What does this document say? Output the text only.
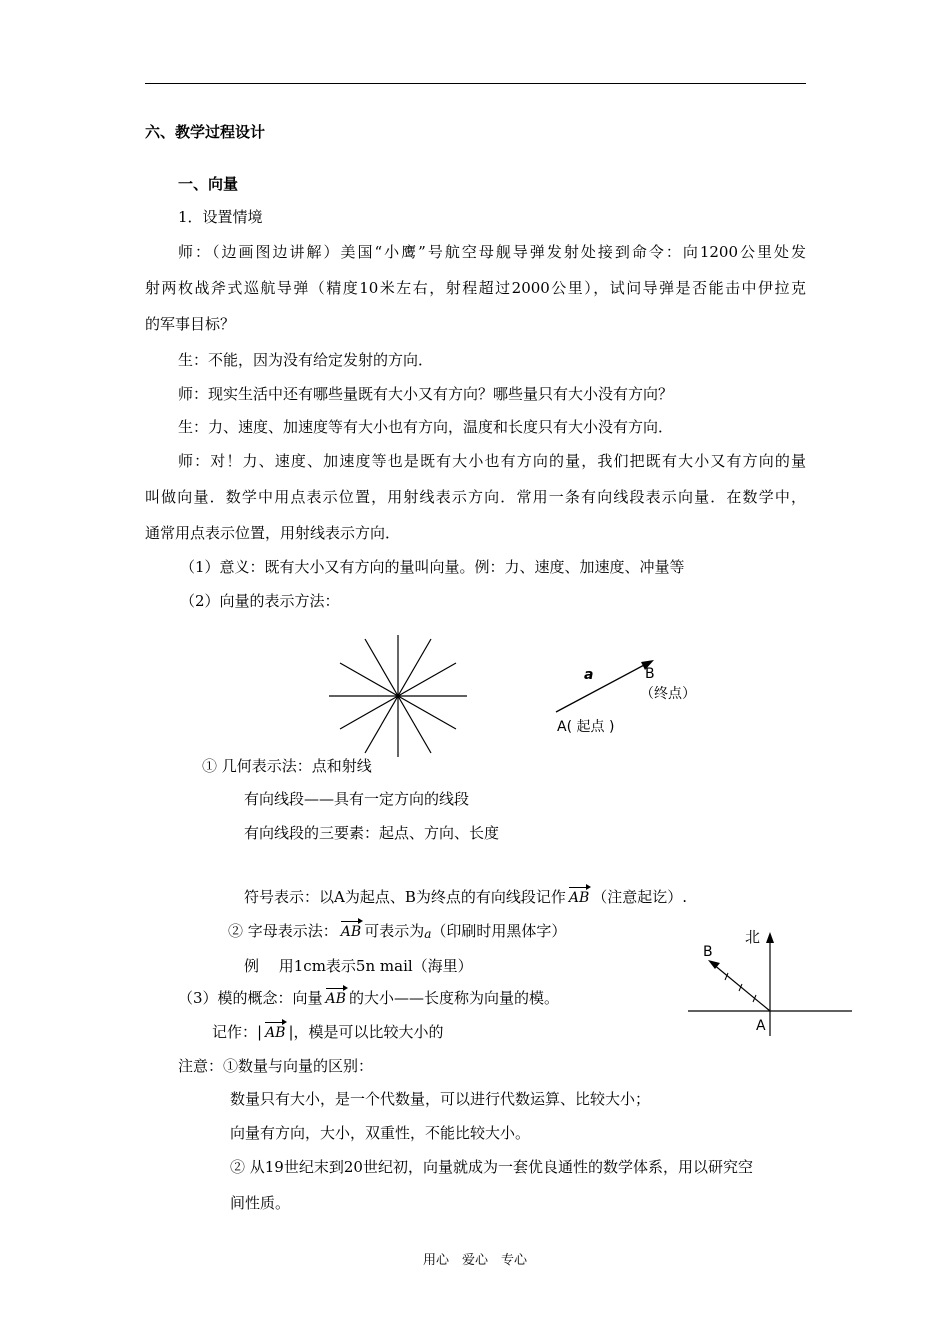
六、教学过程设计
一、向量
1．设置情境
师：（边画图边讲解）美国“小鹰”号航空母舰导弹发射处接到命令：向1200公里处发
射两枚战斧式巡航导弹（精度10米左右，射程超过2000公里），试问导弹是否能击中伊拉克
的军事目标？
生：不能，因为没有给定发射的方向．
师：现实生活中还有哪些量既有大小又有方向？哪些量只有大小没有方向？
生：力、速度、加速度等有大小也有方向，温度和长度只有大小没有方向．
师：对！力、速度、加速度等也是既有大小也有方向的量，我们把既有大小又有方向的量
叫做向量．数学中用点表示位置，用射线表示方向．常用一条有向线段表示向量．在数学中，
通常用点表示位置，用射线表示方向．
（1）意义：既有大小又有方向的量叫向量。例：力、速度、加速度、冲量等
（2）向量的表示方法：
a	B
（终点）
A( 起点 )
① 几何表示法：点和射线
有向线段——具有一定方向的线段
有向线段的三要素：起点、方向、长度
符号表示：以A为起点、B为终点的有向线段记作 AB （注意起讫）.
② 字母表示法： AB 可表示为a（印刷时用黑体字）
例　 用1cm表示5n mail（海里）
（3）模的概念：向量 AB 的大小——长度称为向量的模。
记作：| AB |，模是可以比较大小的
北
B
A
注意：①数量与向量的区别：
数量只有大小，是一个代数量，可以进行代数运算、比较大小；
向量有方向，大小，双重性，不能比较大小。
② 从19世纪末到20世纪初，向量就成为一套优良通性的数学体系，用以研究空
间性质。
用心　爱心　专心
